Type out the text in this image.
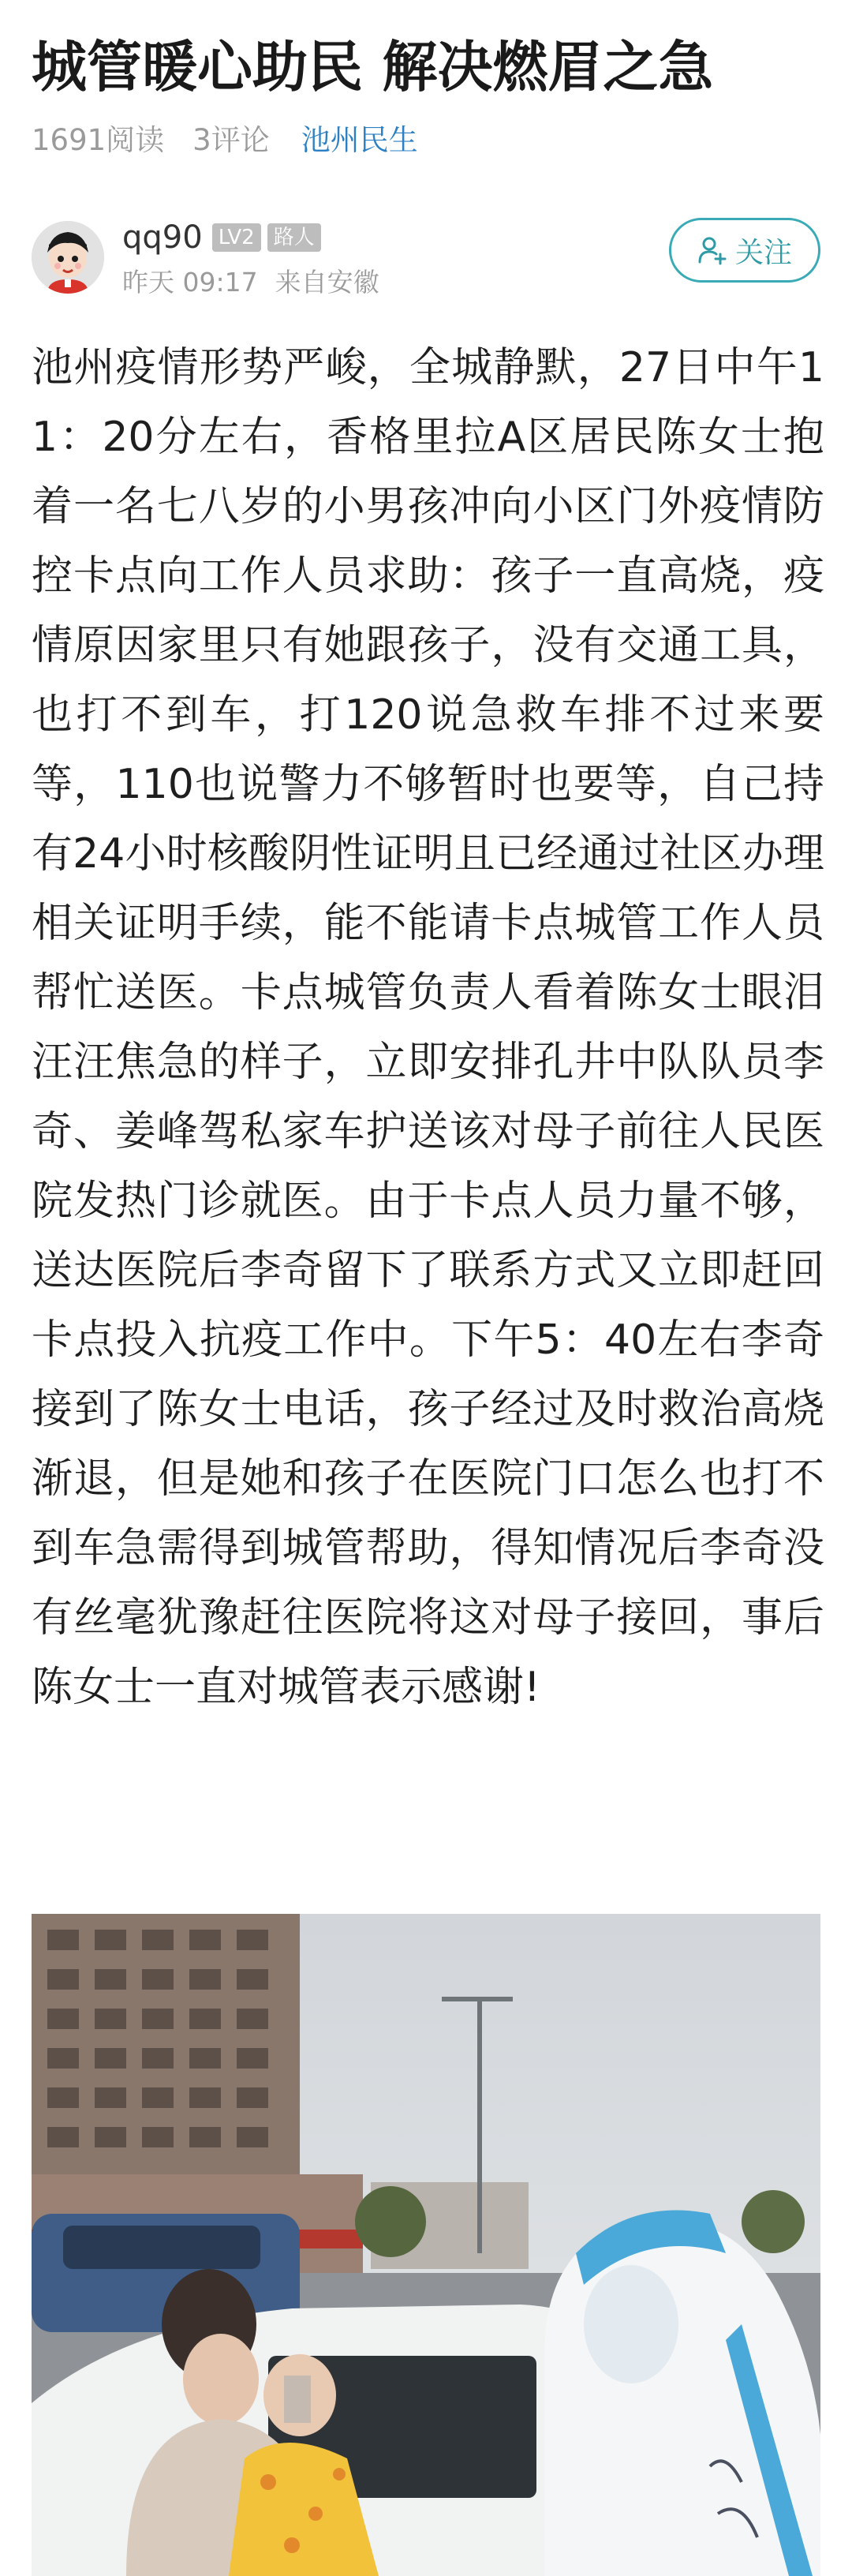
城管暖心助民 解决燃眉之急
1691阅读 3评论 池州民生
qq90 LV2 路人
昨天 09:17 来自安徽
关注

池州疫情形势严峻，全城静默，27日中午11：20分左右，香格里拉A区居民陈女士抱着一名七八岁的小男孩冲向小区门外疫情防控卡点向工作人员求助：孩子一直高烧，疫情原因家里只有她跟孩子，没有交通工具，也打不到车，打120说急救车排不过来要等，110也说警力不够暂时也要等，自己持有24小时核酸阴性证明且已经通过社区办理相关证明手续，能不能请卡点城管工作人员帮忙送医。卡点城管负责人看着陈女士眼泪汪汪焦急的样子，立即安排孔井中队队员李奇、姜峰驾私家车护送该对母子前往人民医院发热门诊就医。由于卡点人员力量不够，送达医院后李奇留下了联系方式又立即赶回卡点投入抗疫工作中。下午5：40左右李奇接到了陈女士电话，孩子经过及时救治高烧渐退，但是她和孩子在医院门口怎么也打不到车急需得到城管帮助，得知情况后李奇没有丝毫犹豫赶往医院将这对母子接回，事后陈女士一直对城管表示感谢!
